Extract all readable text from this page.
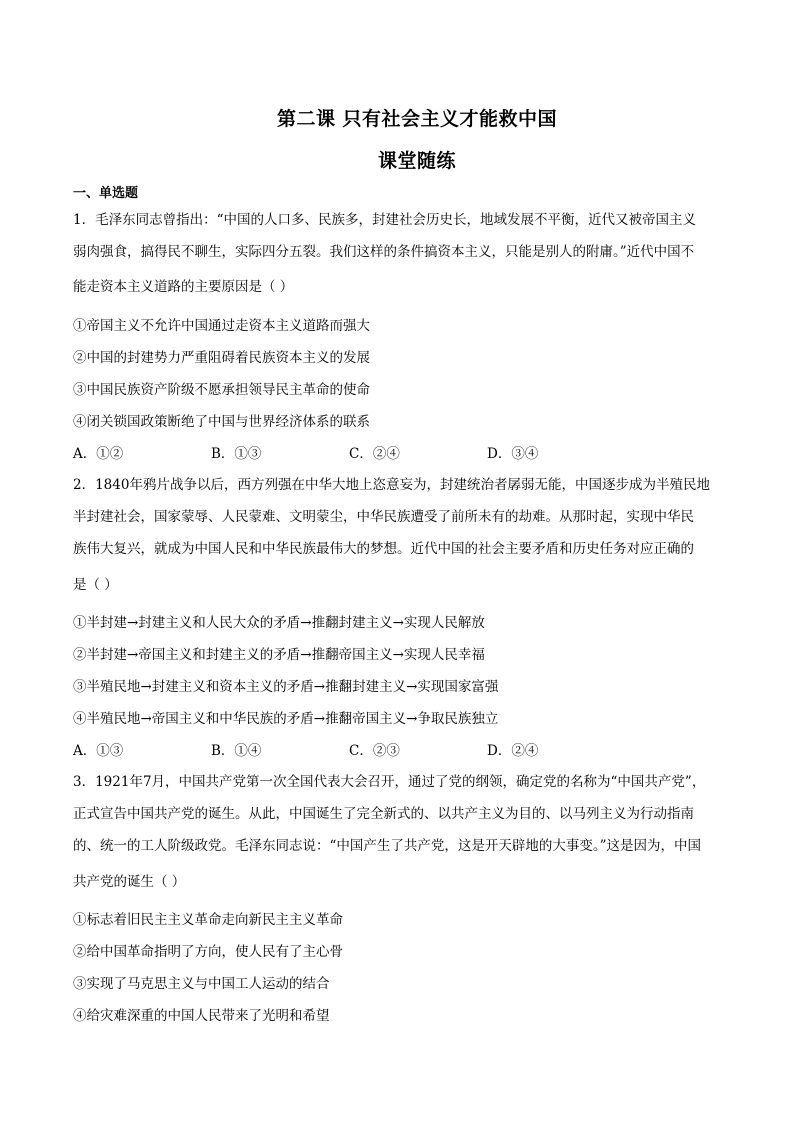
第二课 只有社会主义才能救中国
课堂随练
一、单选题
1．毛泽东同志曾指出：“中国的人口多、民族多，封建社会历史长，地域发展不平衡，近代又被帝国主义
弱肉强食，搞得民不聊生，实际四分五裂。我们这样的条件搞资本主义，只能是别人的附庸。”近代中国不
能走资本主义道路的主要原因是（ ）
①帝国主义不允许中国通过走资本主义道路而强大
②中国的封建势力严重阻碍着民族资本主义的发展
③中国民族资产阶级不愿承担领导民主革命的使命
④闭关锁国政策断绝了中国与世界经济体系的联系
A．①②	B．①③	C．②④	D．③④
2．1840年鸦片战争以后，西方列强在中华大地上恣意妄为，封建统治者孱弱无能，中国逐步成为半殖民地
半封建社会，国家蒙辱、人民蒙难、文明蒙尘，中华民族遭受了前所未有的劫难。从那时起，实现中华民
族伟大复兴，就成为中国人民和中华民族最伟大的梦想。近代中国的社会主要矛盾和历史任务对应正确的
是（ ）
①半封建→封建主义和人民大众的矛盾→推翻封建主义→实现人民解放
②半封建→帝国主义和封建主义的矛盾→推翻帝国主义→实现人民幸福
③半殖民地→封建主义和资本主义的矛盾→推翻封建主义→实现国家富强
④半殖民地→帝国主义和中华民族的矛盾→推翻帝国主义→争取民族独立
A．①③	B．①④	C．②③	D．②④
3．1921年7月，中国共产党第一次全国代表大会召开，通过了党的纲领，确定党的名称为“中国共产党”，
正式宣告中国共产党的诞生。从此，中国诞生了完全新式的、以共产主义为目的、以马列主义为行动指南
的、统一的工人阶级政党。毛泽东同志说：“中国产生了共产党，这是开天辟地的大事变。”这是因为，中国
共产党的诞生（ ）
①标志着旧民主主义革命走向新民主主义革命
②给中国革命指明了方向，使人民有了主心骨
③实现了马克思主义与中国工人运动的结合
④给灾难深重的中国人民带来了光明和希望
